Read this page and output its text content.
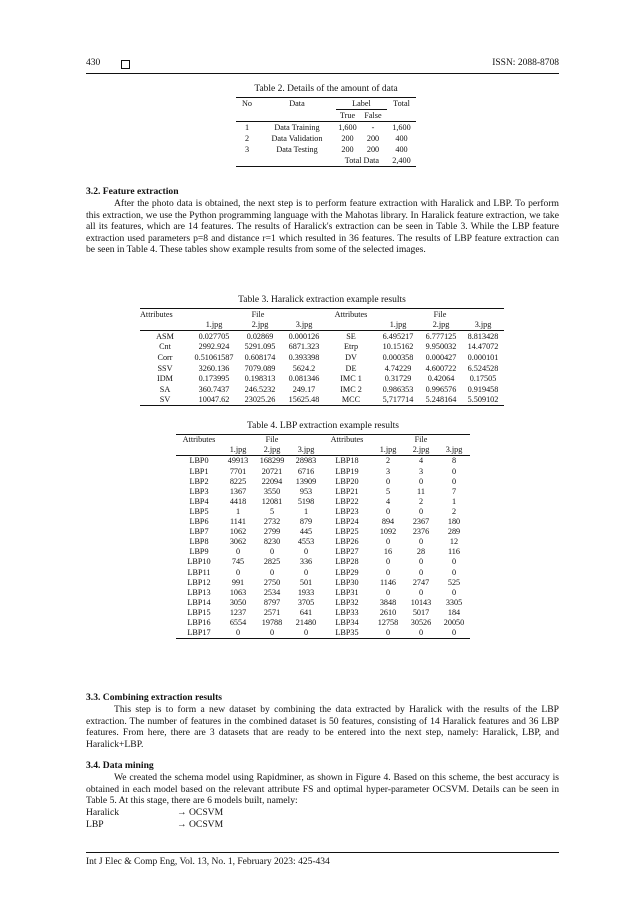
430	ISSN: 2088-8708
Table 2. Details of the amount of data
No	Data	Label		Total
		True	False	
1	Data Training	1,600	-	1,600
2	Data Validation	200	200	400
3	Data Testing	200	200	400
	Total Data			2,400
3.2. Feature extraction
After the photo data is obtained, the next step is to perform feature extraction with Haralick and LBP. To perform this extraction, we use the Python programming language with the Mahotas library. In Haralick feature extraction, we take all its features, which are 14 features. The results of Haralick's extraction can be seen in Table 3. While the LBP feature extraction used parameters p=8 and distance r=1 which resulted in 36 features. The results of LBP feature extraction can be seen in Table 4. These tables show example results from some of the selected images.
Table 3. Haralick extraction example results
Attributes	File			Attributes	File		
	1.jpg	2.jpg	3.jpg		1.jpg	2.jpg	3.jpg
ASM	0.027705	0.02869	0.000126	SE	6.495217	6.777125	8.813428
Cnt	2992.924	5291.095	6871.323	Etrp	10.15162	9.950032	14.47072
Corr	0.51061587	0.608174	0.393398	DV	0.000358	0.000427	0.000101
SSV	3260.136	7079.089	5624.2	DE	4.74229	4.600722	6.524528
IDM	0.173995	0.198313	0.081346	IMC 1	0.31729	0.42064	0.17505
SA	360.7437	246.5232	249.17	IMC 2	0.986353	0.996576	0.919458
SV	10047.62	23025.26	15625.48	MCC	5,717714	5.248164	5.509102
Table 4. LBP extraction example results
Attributes	File			Attributes	File		
	1.jpg	2.jpg	3.jpg		1.jpg	2.jpg	3.jpg
LBP0	49913	168299	28983	LBP18	2	4	8
LBP1	7701	20721	6716	LBP19	3	3	0
LBP2	8225	22094	13909	LBP20	0	0	0
LBP3	1367	3550	953	LBP21	5	11	7
LBP4	4418	12081	5198	LBP22	4	2	1
LBP5	1	5	1	LBP23	0	0	2
LBP6	1141	2732	879	LBP24	894	2367	180
LBP7	1062	2799	445	LBP25	1092	2376	289
LBP8	3062	8230	4553	LBP26	0	0	12
LBP9	0	0	0	LBP27	16	28	116
LBP10	745	2825	336	LBP28	0	0	0
LBP11	0	0	0	LBP29	0	0	0
LBP12	991	2750	501	LBP30	1146	2747	525
LBP13	1063	2534	1933	LBP31	0	0	0
LBP14	3050	8797	3705	LBP32	3848	10143	3305
LBP15	1237	2571	641	LBP33	2610	5017	184
LBP16	6554	19788	21480	LBP34	12758	30526	20050
LBP17	0	0	0	LBP35	0	0	0
3.3. Combining extraction results
This step is to form a new dataset by combining the data extracted by Haralick with the results of the LBP extraction. The number of features in the combined dataset is 50 features, consisting of 14 Haralick features and 36 LBP features. From here, there are 3 datasets that are ready to be entered into the next step, namely: Haralick, LBP, and Haralick+LBP.
3.4. Data mining
We created the schema model using Rapidminer, as shown in Figure 4. Based on this scheme, the best accuracy is obtained in each model based on the relevant attribute FS and optimal hyper-parameter OCSVM. Details can be seen in Table 5. At this stage, there are 6 models built, namely:
Haralick	→ OCSVM
LBP	→ OCSVM
Int J Elec & Comp Eng, Vol. 13, No. 1, February 2023: 425-434
